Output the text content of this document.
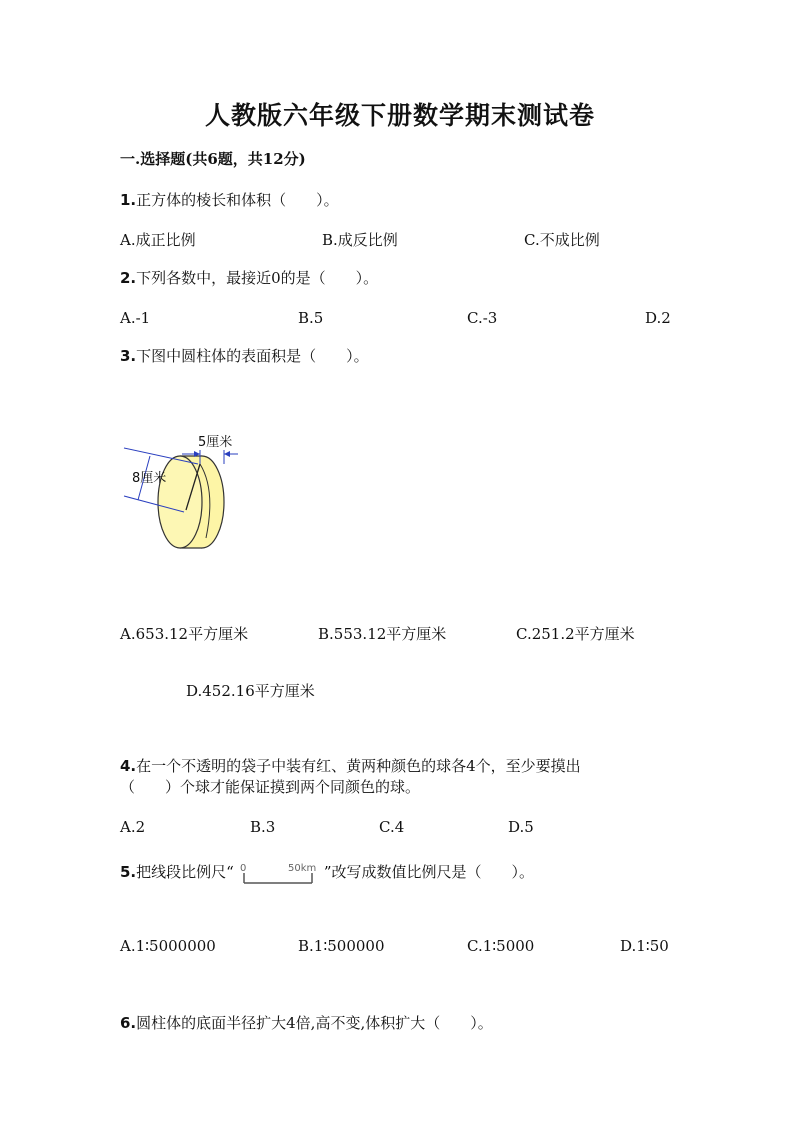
人教版六年级下册数学期末测试卷
一.选择题(共6题，共12分)
1.正方体的棱长和体积（　　）。
A.成正比例	B.成反比例	C.不成比例
2.下列各数中，最接近0的是（　　）。
A.-1	B.5	C.-3	D.2
3.下图中圆柱体的表面积是（　　）。
5厘米
8厘米
A.653.12平方厘米	B.553.12平方厘米	C.251.2平方厘米
D.452.16平方厘米
4.在一个不透明的袋子中装有红、黄两种颜色的球各4个，至少要摸出
（　　）个球才能保证摸到两个同颜色的球。
A.2	B.3	C.4	D.5
5. 把线段比例尺“ 0	50km ”改写成数值比例尺是（　　）。
A.1∶5000000	B.1∶500000	C.1∶5000	D.1∶50
6.圆柱体的底面半径扩大4倍,高不变,体积扩大（　　）。
